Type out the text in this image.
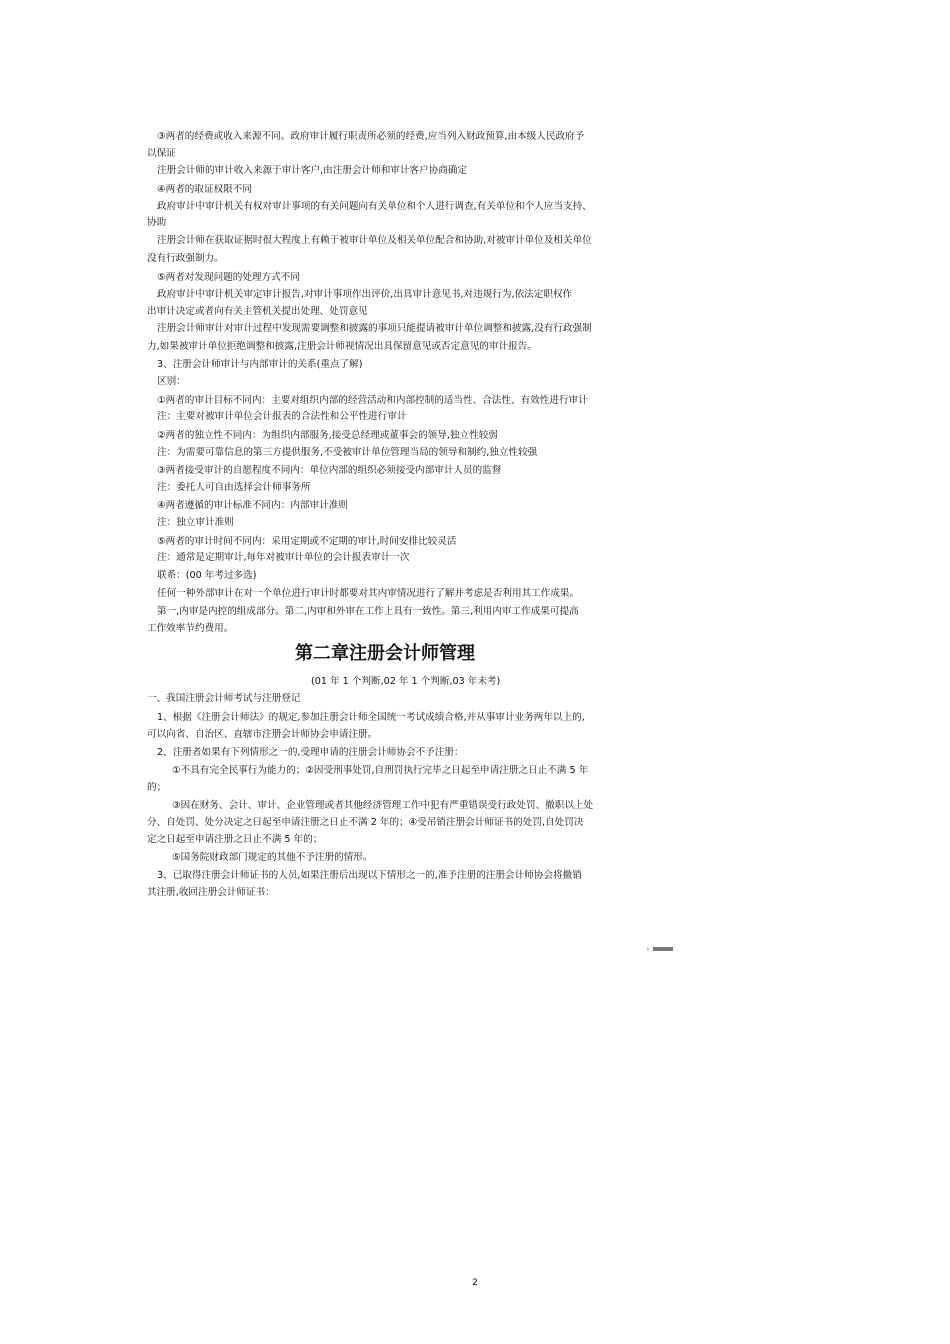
③两者的经费或收入来源不同。政府审计履行职责所必须的经费,应当列入财政预算,由本级人民政府予
以保证
注册会计师的审计收入来源于审计客户,由注册会计师和审计客户协商确定
④两者的取证权限不同
政府审计中审计机关有权对审计事项的有关问题向有关单位和个人进行调查,有关单位和个人应当支持、
协助
注册会计师在获取证据时很大程度上有赖于被审计单位及相关单位配合和协助,对被审计单位及相关单位
没有行政强制力。
⑤两者对发现问题的处理方式不同
政府审计中审计机关审定审计报告,对审计事项作出评价,出具审计意见书,对违规行为,依法定职权作
出审计决定或者向有关主管机关提出处理、处罚意见
注册会计师审计对审计过程中发现需要调整和披露的事项只能提请被审计单位调整和披露,没有行政强制
力,如果被审计单位拒绝调整和披露,注册会计师视情况出具保留意见或否定意见的审计报告。
3、注册会计师审计与内部审计的关系(重点了解)
区别：
①两者的审计目标不同内：主要对组织内部的经营活动和内部控制的适当性、合法性、有效性进行审计
注：主要对被审计单位会计报表的合法性和公平性进行审计
②两者的独立性不同内：为组织内部服务,接受总经理或董事会的领导,独立性较弱
注：为需要可靠信息的第三方提供服务,不受被审计单位管理当局的领导和制约,独立性较强
③两者接受审计的自愿程度不同内：单位内部的组织必须接受内部审计人员的监督
注：委托人可自由选择会计师事务所
④两者遵循的审计标准不同内：内部审计准则
注：独立审计准则
⑤两者的审计时间不同内：采用定期或不定期的审计,时间安排比较灵活
注：通常是定期审计,每年对被审计单位的会计报表审计一次
联系：(00 年考过多选)
任何一种外部审计在对一个单位进行审计时都要对其内审情况进行了解并考虑是否利用其工作成果。
第一,内审是内控的组成部分。第二,内审和外审在工作上具有一致性。第三,利用内审工作成果可提高
工作效率节约费用。
(01 年 1 个判断,02 年 1 个判断,03 年未考)
一、我国注册会计师考试与注册登记
1、根据《注册会计师法》的规定,参加注册会计师全国统一考试成绩合格,并从事审计业务两年以上的,
可以向省、自治区、直辖市注册会计师协会申请注册。
2、注册者如果有下列情形之一的,受理申请的注册会计师协会不予注册：
①不具有完全民事行为能力的；②因受刑事处罚,自刑罚执行完毕之日起至申请注册之日止不满 5 年
的；
③因在财务、会计、审计、企业管理或者其他经济管理工作中犯有严重错误受行政处罚、撤职以上处
分、自处罚、处分决定之日起至申请注册之日止不满 2 年的；④受吊销注册会计师证书的处罚,自处罚决
定之日起至申请注册之日止不满 5 年的；
⑤国务院财政部门规定的其他不予注册的情形。
3、已取得注册会计师证书的人员,如果注册后出现以下情形之一的,准予注册的注册会计师协会将撤销
其注册,收回注册会计师证书：
第二章注册会计师管理
2
